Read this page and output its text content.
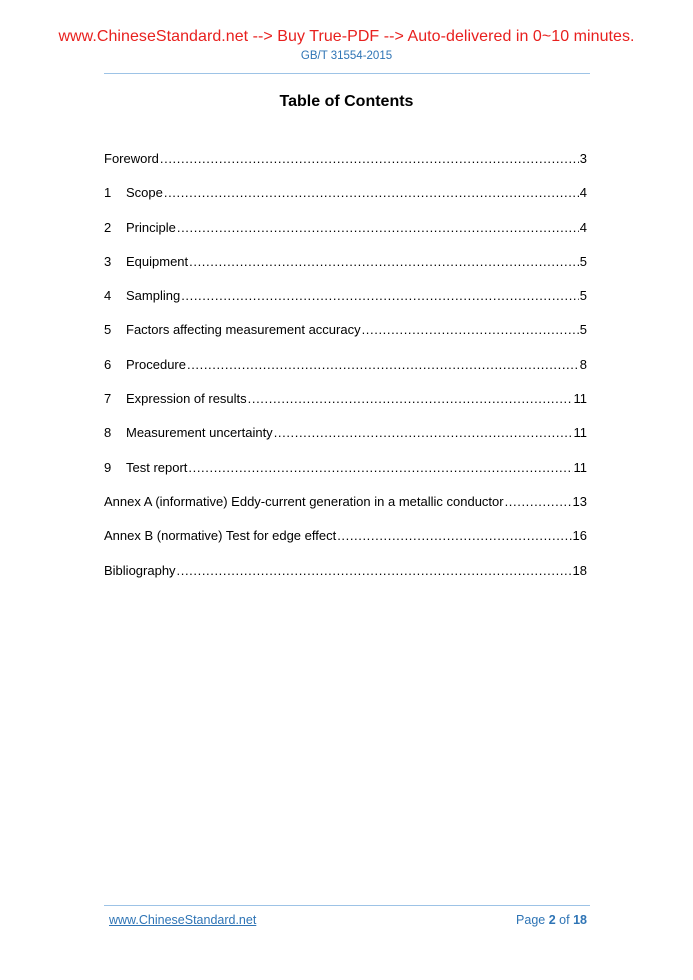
www.ChineseStandard.net --> Buy True-PDF --> Auto-delivered in 0~10 minutes.
GB/T 31554-2015
Table of Contents
Foreword .....	3
1	Scope .....	4
2	Principle .....	4
3	Equipment .....	5
4	Sampling .....	5
5	Factors affecting measurement accuracy .....	5
6	Procedure .....	8
7	Expression of results .....	11
8	Measurement uncertainty .....	11
9	Test report .....	11
Annex A (informative) Eddy-current generation in a metallic conductor .....	13
Annex B (normative) Test for edge effect .....	16
Bibliography .....	18
www.ChineseStandard.net	Page 2 of 18
